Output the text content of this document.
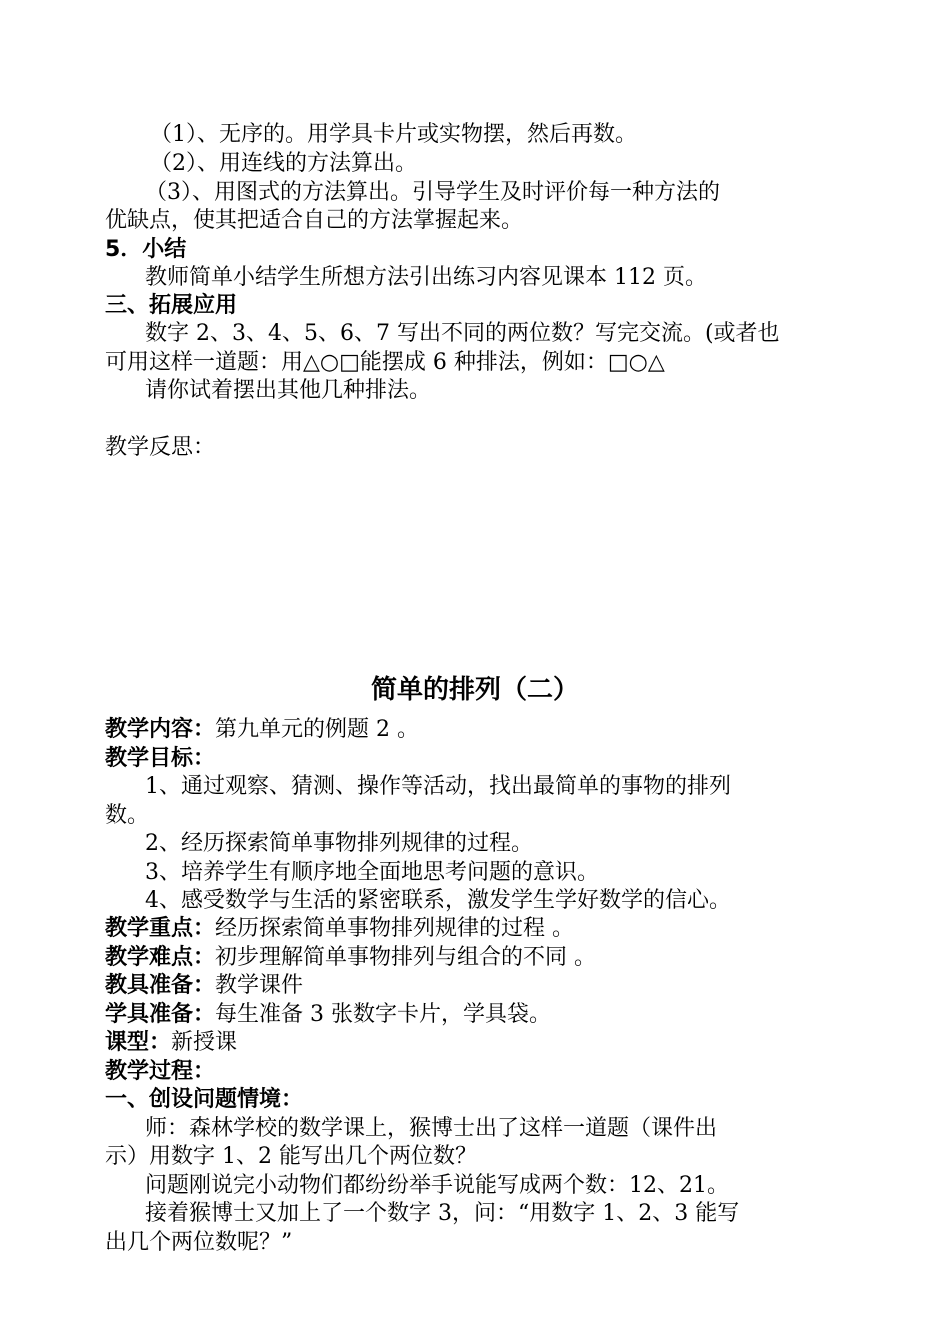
（1）、无序的。用学具卡片或实物摆，然后再数。
（2）、用连线的方法算出。
（3）、用图式的方法算出。引导学生及时评价每一种方法的
优缺点，使其把适合自己的方法掌握起来。
5．小结
教师简单小结学生所想方法引出练习内容见课本 112 页。
三、拓展应用
数字 2、3、4、5、6、7 写出不同的两位数？写完交流。(或者也
可用这样一道题：用△○□能摆成 6 种排法，例如：□○△
请你试着摆出其他几种排法。
教学反思：
简单的排列（二）
教学内容：第九单元的例题 2 。
教学目标：
1、通过观察、猜测、操作等活动，找出最简单的事物的排列
数。
2、经历探索简单事物排列规律的过程。
3、培养学生有顺序地全面地思考问题的意识。
4、感受数学与生活的紧密联系，激发学生学好数学的信心。
教学重点：经历探索简单事物排列规律的过程 。
教学难点：初步理解简单事物排列与组合的不同 。
教具准备：教学课件
学具准备：每生准备 3 张数字卡片，学具袋。
课型：新授课
教学过程：
一、创设问题情境：
师：森林学校的数学课上，猴博士出了这样一道题（课件出
示）用数字 1、2 能写出几个两位数？
问题刚说完小动物们都纷纷举手说能写成两个数：12、21。
接着猴博士又加上了一个数字 3，问：“用数字 1、2、3 能写
出几个两位数呢？”
